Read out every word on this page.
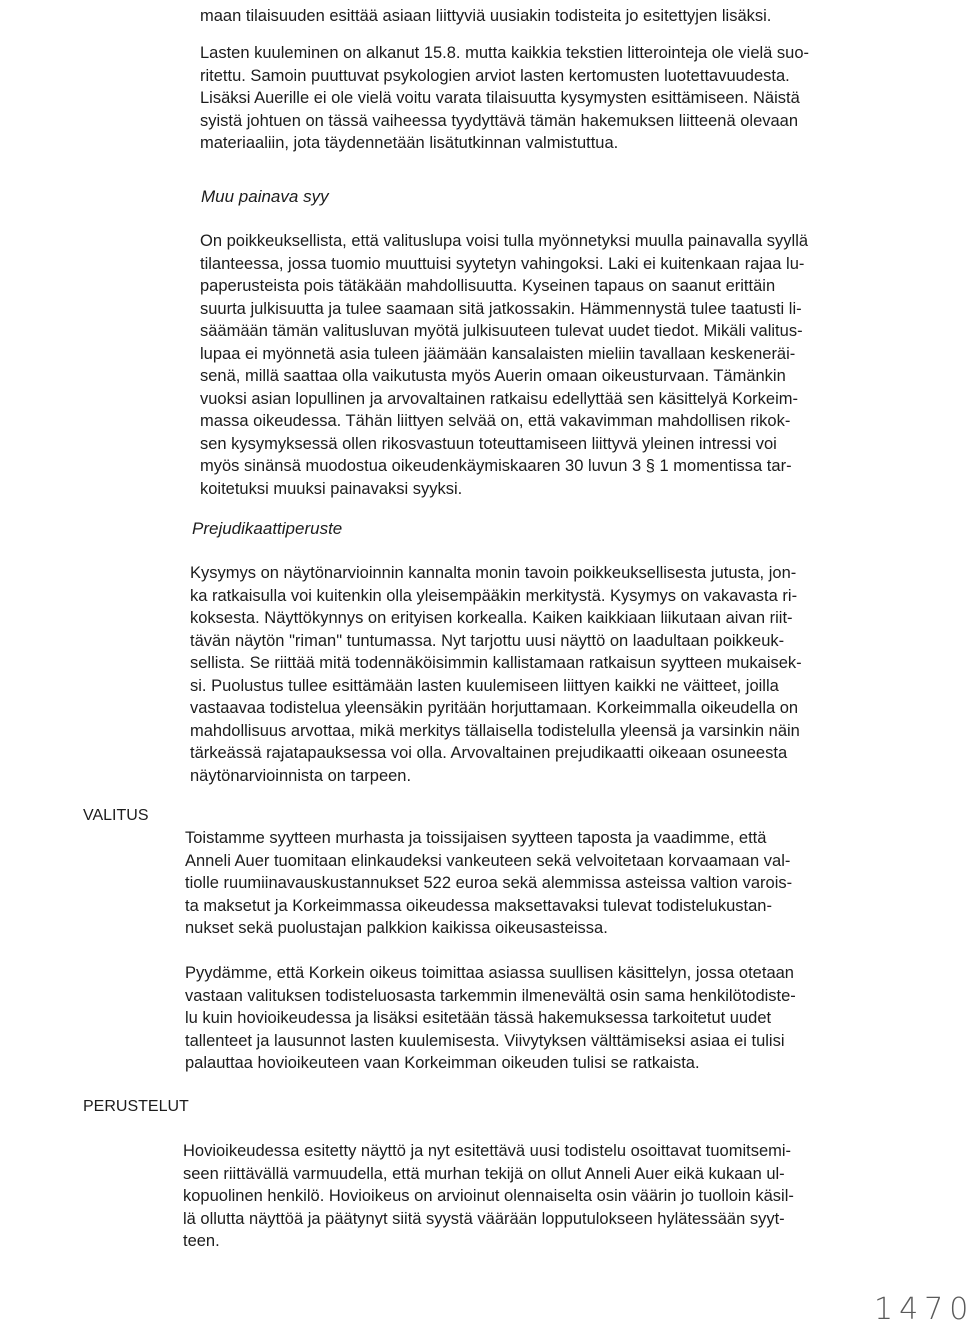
maan tilaisuuden esittää asiaan liittyviä uusiakin todisteita jo esitettyjen lisäksi.
Lasten kuuleminen on alkanut 15.8. mutta kaikkia tekstien litterointeja ole vielä suo-
ritettu. Samoin puuttuvat psykologien arviot lasten kertomusten luotettavuudesta.
Lisäksi Auerille ei ole vielä voitu varata tilaisuutta kysymysten esittämiseen. Näistä
syistä johtuen on tässä vaiheessa tyydyttävä tämän hakemuksen liitteenä olevaan
materiaaliin, jota täydennetään lisätutkinnan valmistuttua.
Muu painava syy
On poikkeuksellista, että valituslupa voisi tulla myönnetyksi muulla painavalla syyllä
tilanteessa, jossa tuomio muuttuisi syytetyn vahingoksi. Laki ei kuitenkaan rajaa lu-
paperusteista pois tätäkään mahdollisuutta. Kyseinen tapaus on saanut erittäin
suurta julkisuutta ja tulee saamaan sitä jatkossakin. Hämmennystä tulee taatusti li-
säämään tämän valitusluvan myötä julkisuuteen tulevat uudet tiedot. Mikäli valitus-
lupaa ei myönnetä asia tuleen jäämään kansalaisten mieliin tavallaan keskeneräi-
senä, millä saattaa olla vaikutusta myös Auerin omaan oikeusturvaan. Tämänkin
vuoksi asian lopullinen ja arvovaltainen ratkaisu edellyttää sen käsittelyä Korkeim-
massa oikeudessa. Tähän liittyen selvää on, että vakavimman mahdollisen rikok-
sen kysymyksessä ollen rikosvastuun toteuttamiseen liittyvä yleinen intressi voi
myös sinänsä muodostua oikeudenkäymiskaaren 30 luvun 3 § 1 momentissa tar-
koitetuksi muuksi painavaksi syyksi.
Prejudikaattiperuste
Kysymys on näytönarvioinnin kannalta monin tavoin poikkeuksellisesta jutusta, jon-
ka ratkaisulla voi kuitenkin olla yleisempääkin merkitystä. Kysymys on vakavasta ri-
koksesta. Näyttökynnys on erityisen korkealla. Kaiken kaikkiaan liikutaan aivan riit-
tävän näytön "riman" tuntumassa. Nyt tarjottu uusi näyttö on laadultaan poikkeuk-
sellista. Se riittää mitä todennäköisimmin kallistamaan ratkaisun syytteen mukaisek-
si. Puolustus tullee esittämään lasten kuulemiseen liittyen kaikki ne väitteet, joilla
vastaavaa todistelua yleensäkin pyritään horjuttamaan. Korkeimmalla oikeudella on
mahdollisuus arvottaa, mikä merkitys tällaisella todistelulla yleensä ja varsinkin näin
tärkeässä rajatapauksessa voi olla. Arvovaltainen prejudikaatti oikeaan osuneesta
näytönarvioinnista on tarpeen.
VALITUS
Toistamme syytteen murhasta ja toissijaisen syytteen taposta ja vaadimme, että
Anneli Auer tuomitaan elinkaudeksi vankeuteen sekä velvoitetaan korvaamaan val-
tiolle ruumiinavauskustannukset 522 euroa sekä alemmissa asteissa valtion varois-
ta maksetut ja Korkeimmassa oikeudessa maksettavaksi tulevat todistelukustan-
nukset sekä puolustajan palkkion kaikissa oikeusasteissa.
Pyydämme, että Korkein oikeus toimittaa asiassa suullisen käsittelyn, jossa otetaan
vastaan valituksen todisteluosasta tarkemmin ilmenevältä osin sama henkilötodiste-
lu kuin hovioikeudessa ja lisäksi esitetään tässä hakemuksessa tarkoitetut uudet
tallenteet ja lausunnot lasten kuulemisesta. Viivytyksen välttämiseksi asiaa ei tulisi
palauttaa hovioikeuteen vaan Korkeimman oikeuden tulisi se ratkaista.
PERUSTELUT
Hovioikeudessa esitetty näyttö ja nyt esitettävä uusi todistelu osoittavat tuomitsemi-
seen riittävällä varmuudella, että murhan tekijä on ollut Anneli Auer eikä kukaan ul-
kopuolinen henkilö. Hovioikeus on arvioinut olennaiselta osin väärin jo tuolloin käsil-
lä ollutta näyttöä ja päätynyt siitä syystä väärään lopputulokseen hylätessään syyt-
teen.
1470
